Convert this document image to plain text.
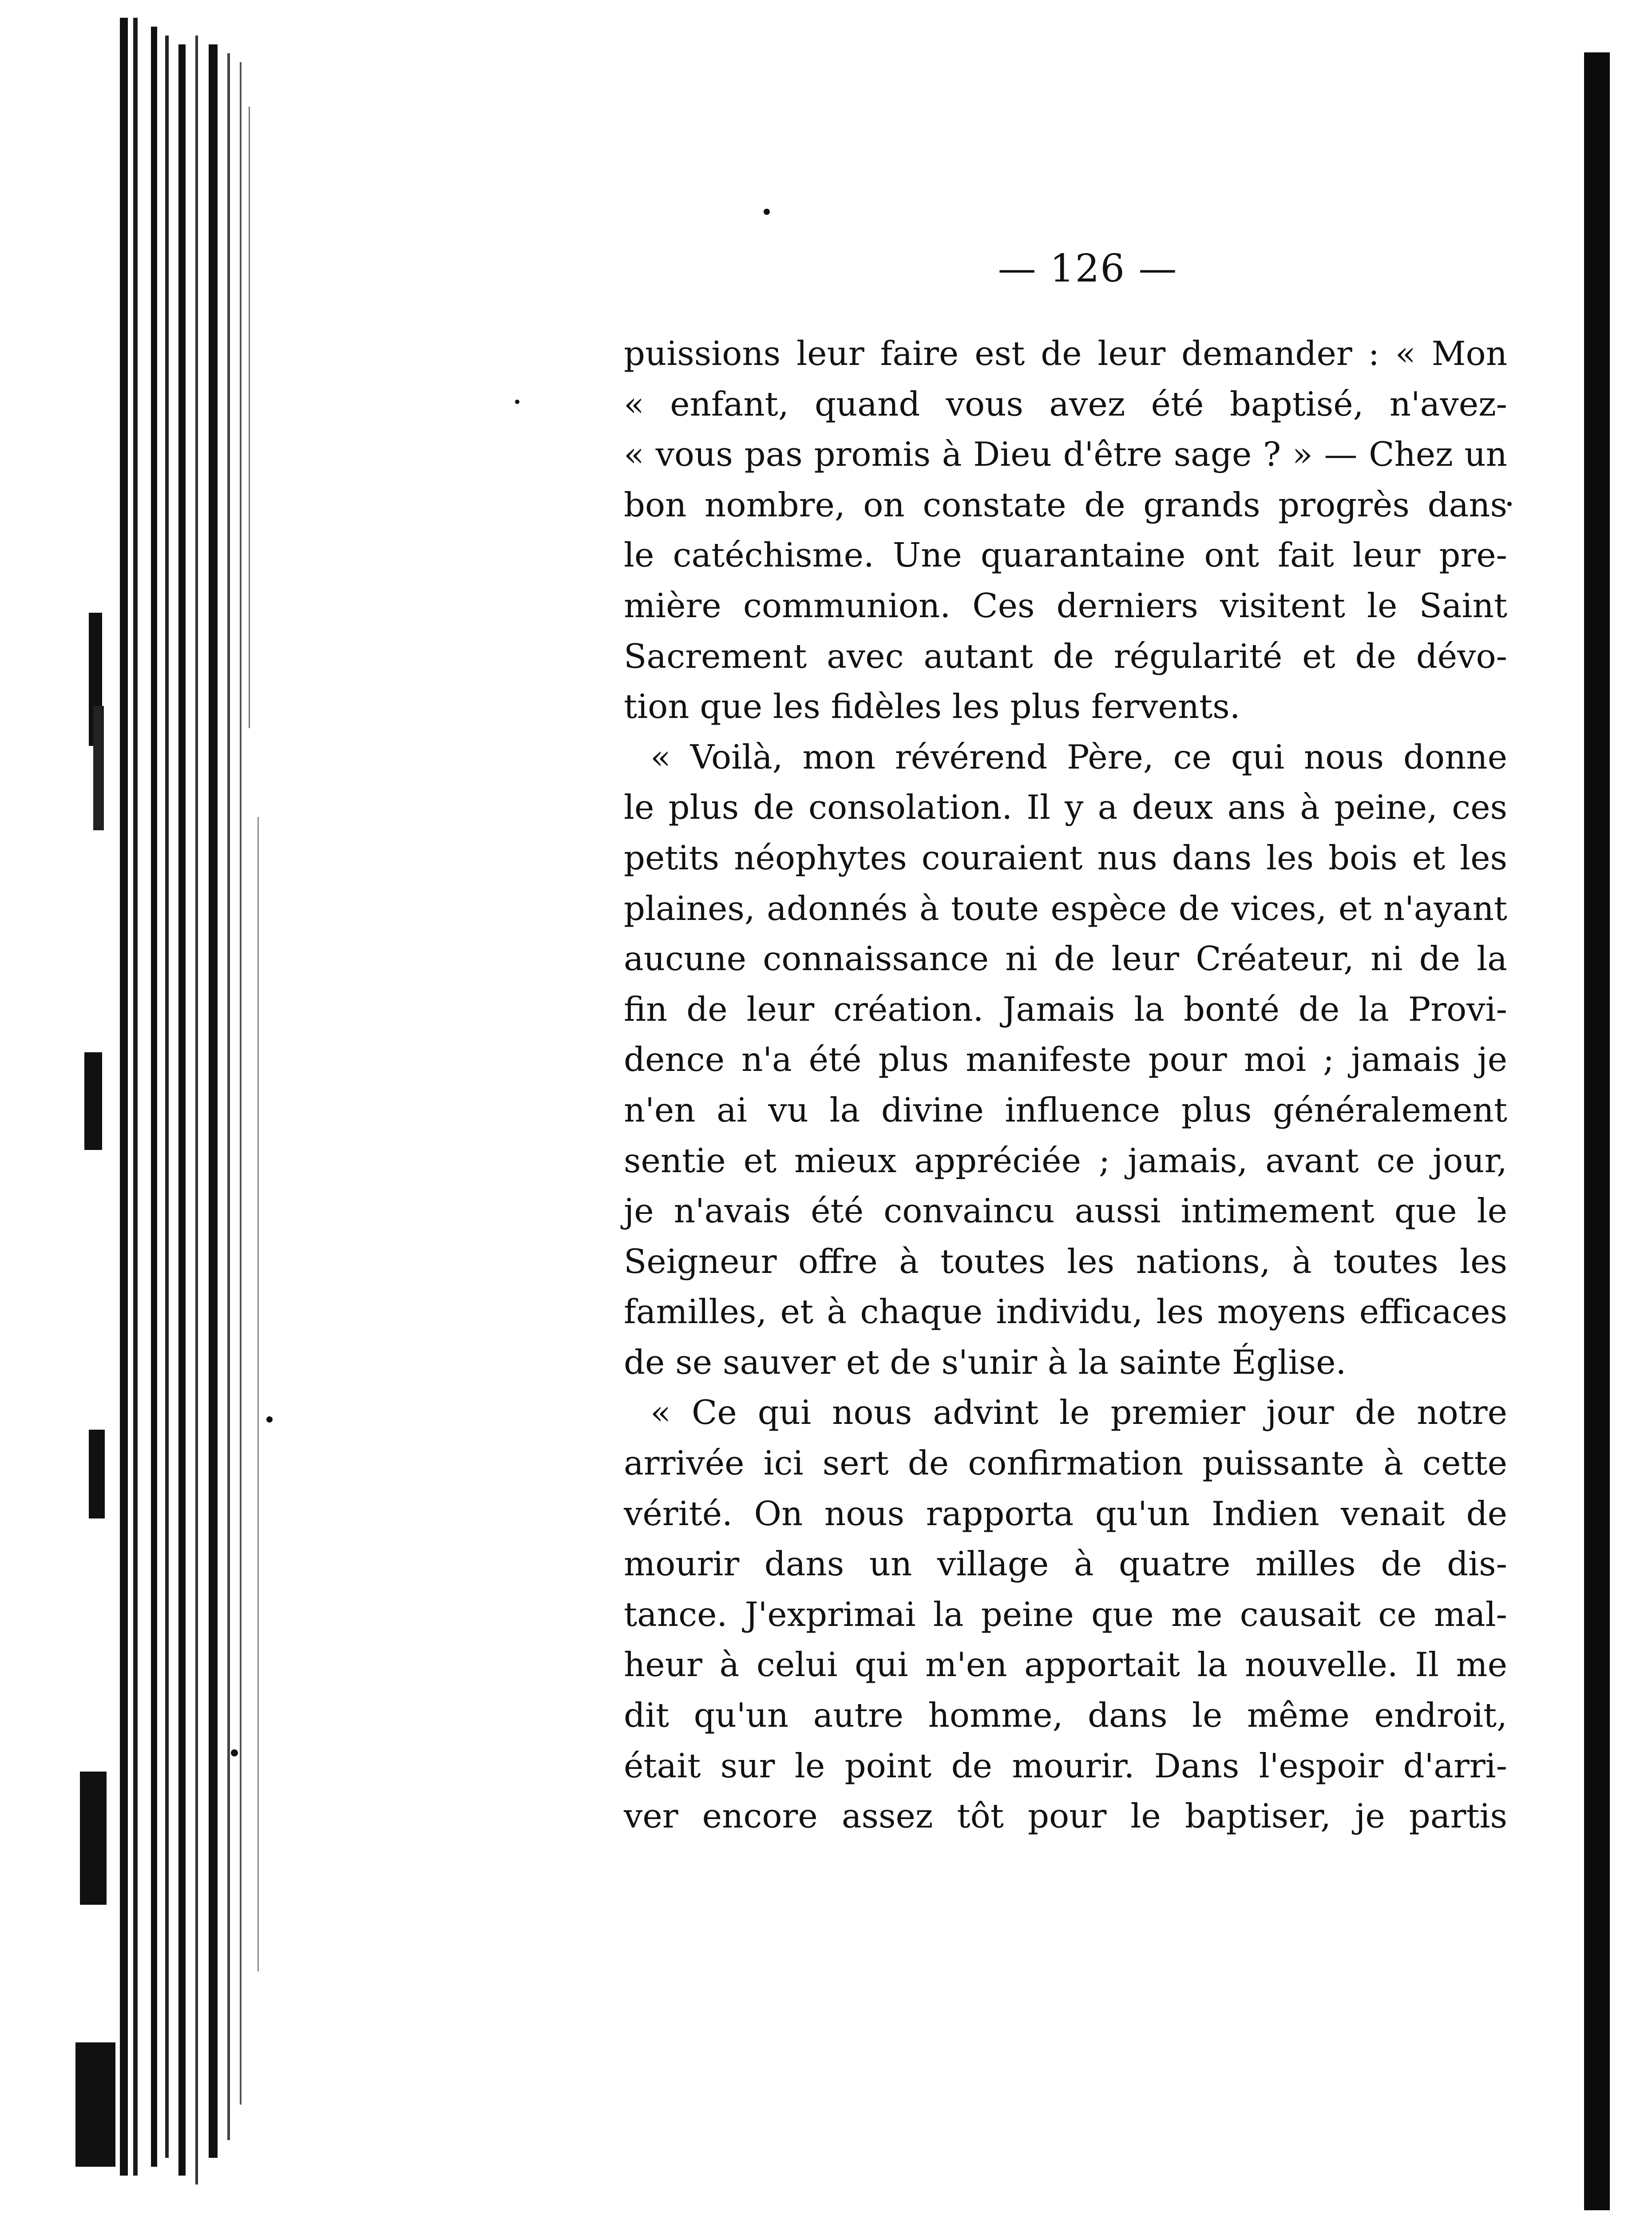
— 126 —
puissions leur faire est de leur demander : « Mon
« enfant, quand vous avez été baptisé, n'avez-
« vous pas promis à Dieu d'être sage ? » — Chez un
bon nombre, on constate de grands progrès dans
le catéchisme. Une quarantaine ont fait leur pre-
mière communion. Ces derniers visitent le Saint
Sacrement avec autant de régularité et de dévo-
tion que les fidèles les plus fervents.
« Voilà, mon révérend Père, ce qui nous donne
le plus de consolation. Il y a deux ans à peine, ces
petits néophytes couraient nus dans les bois et les
plaines, adonnés à toute espèce de vices, et n'ayant
aucune connaissance ni de leur Créateur, ni de la
fin de leur création. Jamais la bonté de la Provi-
dence n'a été plus manifeste pour moi ; jamais je
n'en ai vu la divine influence plus généralement
sentie et mieux appréciée ; jamais, avant ce jour,
je n'avais été convaincu aussi intimement que le
Seigneur offre à toutes les nations, à toutes les
familles, et à chaque individu, les moyens efficaces
de se sauver et de s'unir à la sainte Église.
« Ce qui nous advint le premier jour de notre
arrivée ici sert de confirmation puissante à cette
vérité. On nous rapporta qu'un Indien venait de
mourir dans un village à quatre milles de dis-
tance. J'exprimai la peine que me causait ce mal-
heur à celui qui m'en apportait la nouvelle. Il me
dit qu'un autre homme, dans le même endroit,
était sur le point de mourir. Dans l'espoir d'arri-
ver encore assez tôt pour le baptiser, je partis
